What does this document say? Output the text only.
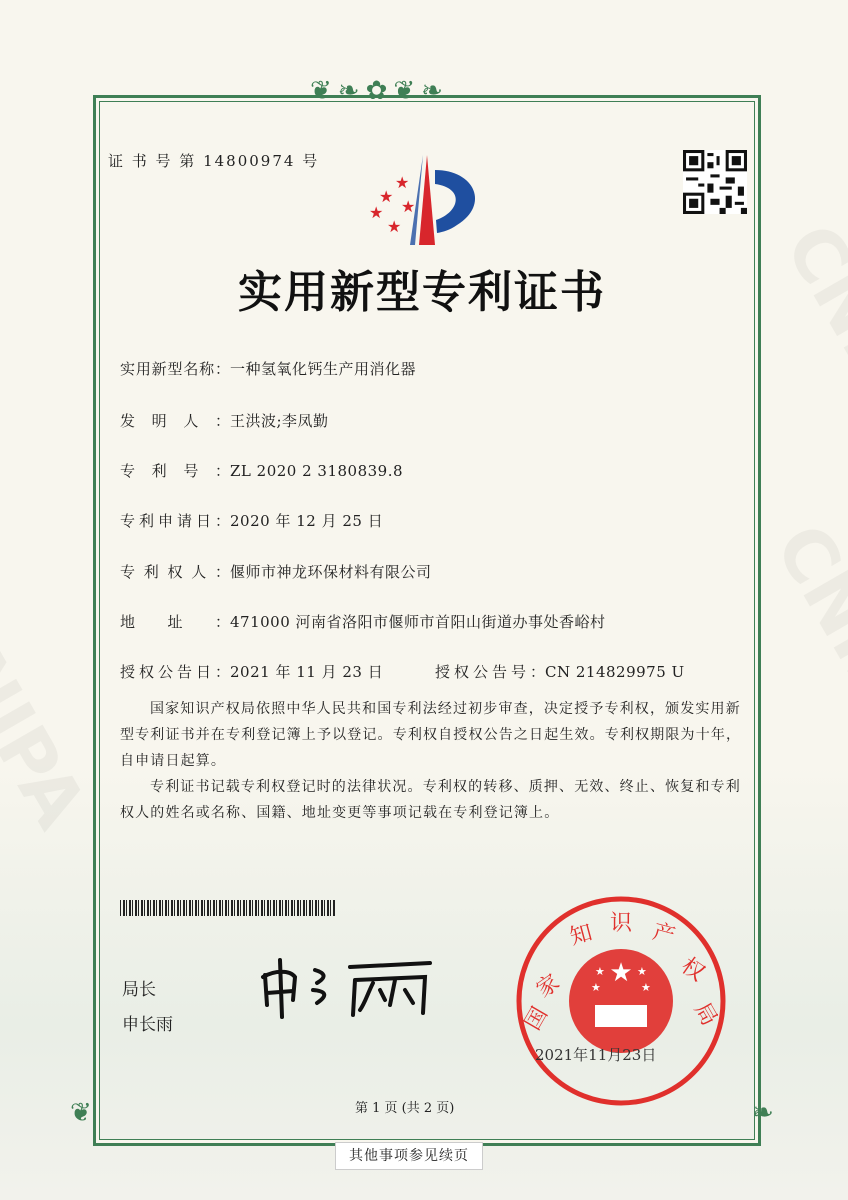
❦❧✿❦❧
❦	❧
证 书 号 第 14800974 号
★
★
★
★
★
实用新型专利证书
实用新型名称：一种氢氧化钙生产用消化器
发明人：王洪波;李凤勤
专利号：ZL 2020 2 3180839.8
专利申请日：2020 年 12 月 25 日
专利权人：偃师市神龙环保材料有限公司
地址：471000 河南省洛阳市偃师市首阳山街道办事处香峪村
授权公告日：2021 年 11 月 23 日	授权公告号：CN 214829975 U
国家知识产权局依照中华人民共和国专利法经过初步审查，决定授予专利权，颁发实用新型专利证书并在专利登记簿上予以登记。专利权自授权公告之日起生效。专利权期限为十年，自申请日起算。
专利证书记载专利权登记时的法律状况。专利权的转移、质押、无效、终止、恢复和专利权人的姓名或名称、国籍、地址变更等事项记载在专利登记簿上。
局长
申长雨
★
★	★
★	★
国
家
知 识 产
权
局
2021年11月23日
第 1 页 (共 2 页)
其他事项参见续页
